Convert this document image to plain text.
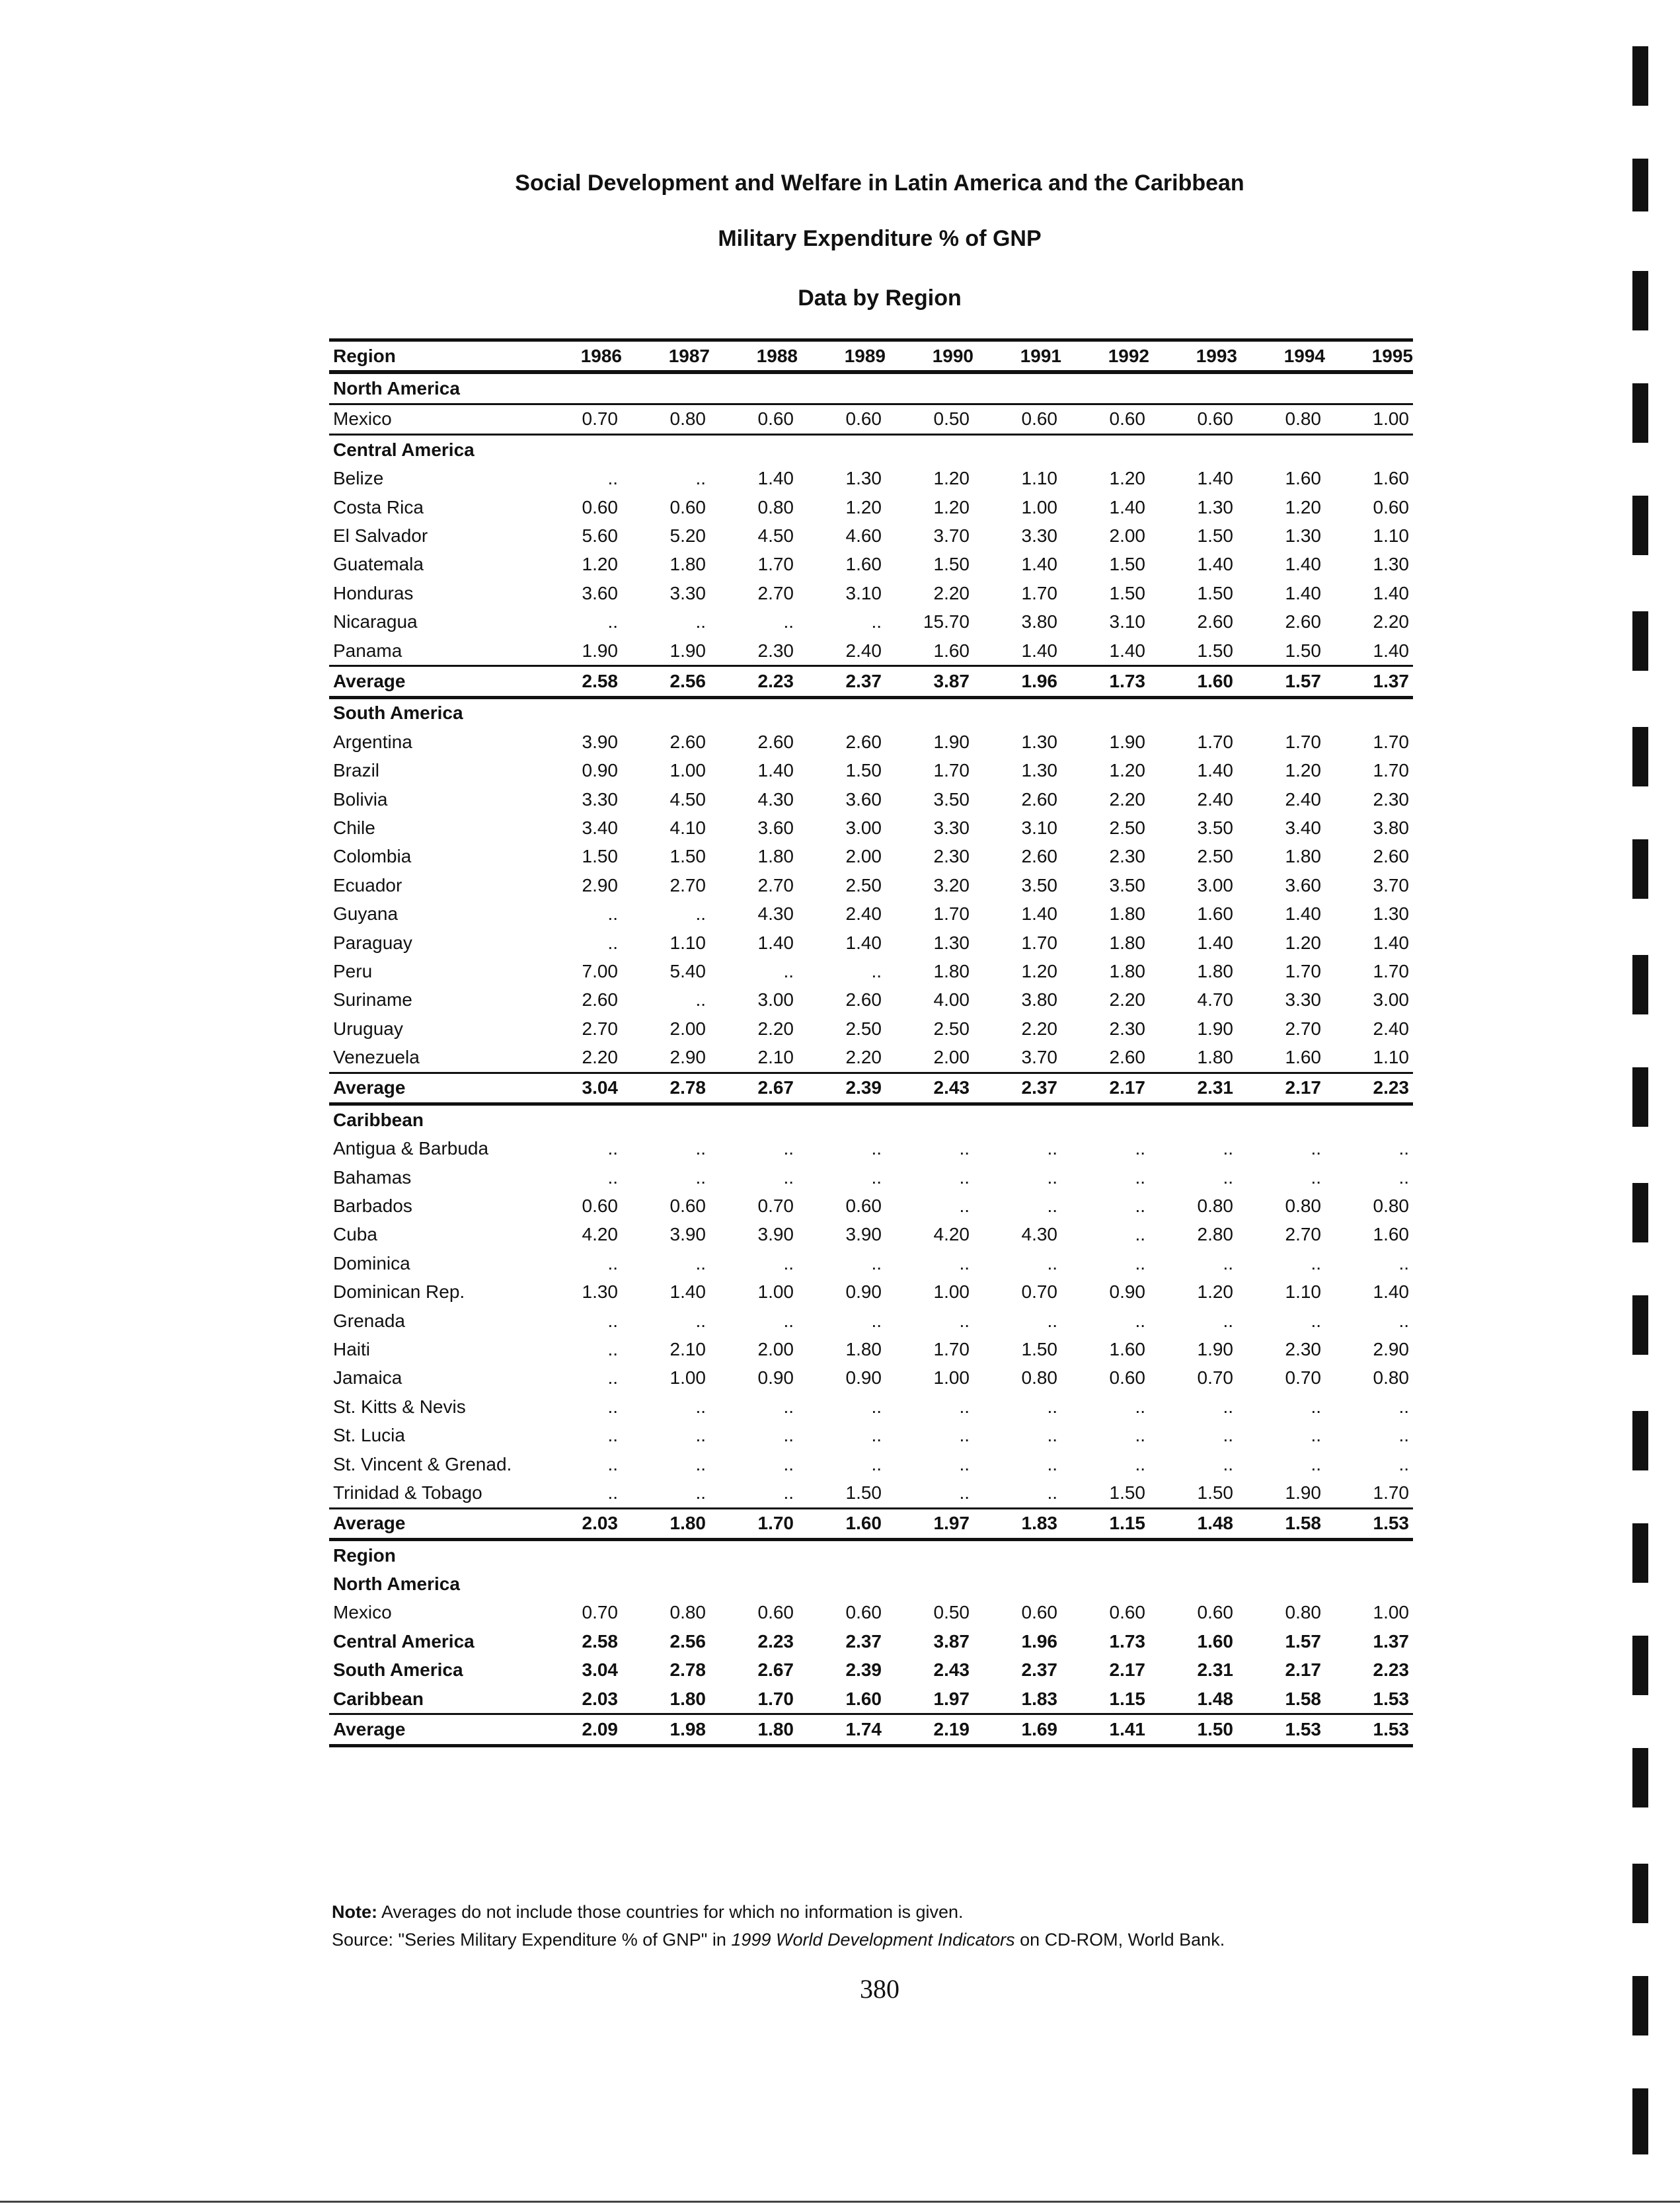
Social Development and Welfare in Latin America and the Caribbean
Military Expenditure % of GNP
Data by Region
Region	1986	1987	1988	1989	1990	1991	1992	1993	1994	1995
North America										
Mexico	0.70	0.80	0.60	0.60	0.50	0.60	0.60	0.60	0.80	1.00
Central America										
Belize	..	..	1.40	1.30	1.20	1.10	1.20	1.40	1.60	1.60
Costa Rica	0.60	0.60	0.80	1.20	1.20	1.00	1.40	1.30	1.20	0.60
El Salvador	5.60	5.20	4.50	4.60	3.70	3.30	2.00	1.50	1.30	1.10
Guatemala	1.20	1.80	1.70	1.60	1.50	1.40	1.50	1.40	1.40	1.30
Honduras	3.60	3.30	2.70	3.10	2.20	1.70	1.50	1.50	1.40	1.40
Nicaragua	..	..	..	..	15.70	3.80	3.10	2.60	2.60	2.20
Panama	1.90	1.90	2.30	2.40	1.60	1.40	1.40	1.50	1.50	1.40
Average	2.58	2.56	2.23	2.37	3.87	1.96	1.73	1.60	1.57	1.37
South America										
Argentina	3.90	2.60	2.60	2.60	1.90	1.30	1.90	1.70	1.70	1.70
Brazil	0.90	1.00	1.40	1.50	1.70	1.30	1.20	1.40	1.20	1.70
Bolivia	3.30	4.50	4.30	3.60	3.50	2.60	2.20	2.40	2.40	2.30
Chile	3.40	4.10	3.60	3.00	3.30	3.10	2.50	3.50	3.40	3.80
Colombia	1.50	1.50	1.80	2.00	2.30	2.60	2.30	2.50	1.80	2.60
Ecuador	2.90	2.70	2.70	2.50	3.20	3.50	3.50	3.00	3.60	3.70
Guyana	..	..	4.30	2.40	1.70	1.40	1.80	1.60	1.40	1.30
Paraguay	..	1.10	1.40	1.40	1.30	1.70	1.80	1.40	1.20	1.40
Peru	7.00	5.40	..	..	1.80	1.20	1.80	1.80	1.70	1.70
Suriname	2.60	..	3.00	2.60	4.00	3.80	2.20	4.70	3.30	3.00
Uruguay	2.70	2.00	2.20	2.50	2.50	2.20	2.30	1.90	2.70	2.40
Venezuela	2.20	2.90	2.10	2.20	2.00	3.70	2.60	1.80	1.60	1.10
Average	3.04	2.78	2.67	2.39	2.43	2.37	2.17	2.31	2.17	2.23
Caribbean										
Antigua & Barbuda	..	..	..	..	..	..	..	..	..	..
Bahamas	..	..	..	..	..	..	..	..	..	..
Barbados	0.60	0.60	0.70	0.60	..	..	..	0.80	0.80	0.80
Cuba	4.20	3.90	3.90	3.90	4.20	4.30	..	2.80	2.70	1.60
Dominica	..	..	..	..	..	..	..	..	..	..
Dominican Rep.	1.30	1.40	1.00	0.90	1.00	0.70	0.90	1.20	1.10	1.40
Grenada	..	..	..	..	..	..	..	..	..	..
Haiti	..	2.10	2.00	1.80	1.70	1.50	1.60	1.90	2.30	2.90
Jamaica	..	1.00	0.90	0.90	1.00	0.80	0.60	0.70	0.70	0.80
St. Kitts & Nevis	..	..	..	..	..	..	..	..	..	..
St. Lucia	..	..	..	..	..	..	..	..	..	..
St. Vincent & Grenad.	..	..	..	..	..	..	..	..	..	..
Trinidad & Tobago	..	..	..	1.50	..	..	1.50	1.50	1.90	1.70
Average	2.03	1.80	1.70	1.60	1.97	1.83	1.15	1.48	1.58	1.53
Region										
North America										
Mexico	0.70	0.80	0.60	0.60	0.50	0.60	0.60	0.60	0.80	1.00
Central America	2.58	2.56	2.23	2.37	3.87	1.96	1.73	1.60	1.57	1.37
South America	3.04	2.78	2.67	2.39	2.43	2.37	2.17	2.31	2.17	2.23
Caribbean	2.03	1.80	1.70	1.60	1.97	1.83	1.15	1.48	1.58	1.53
Average	2.09	1.98	1.80	1.74	2.19	1.69	1.41	1.50	1.53	1.53
Note: Averages do not include those countries for which no information is given.
Source: "Series Military Expenditure % of GNP" in 1999 World Development Indicators on CD-ROM, World Bank.
380
